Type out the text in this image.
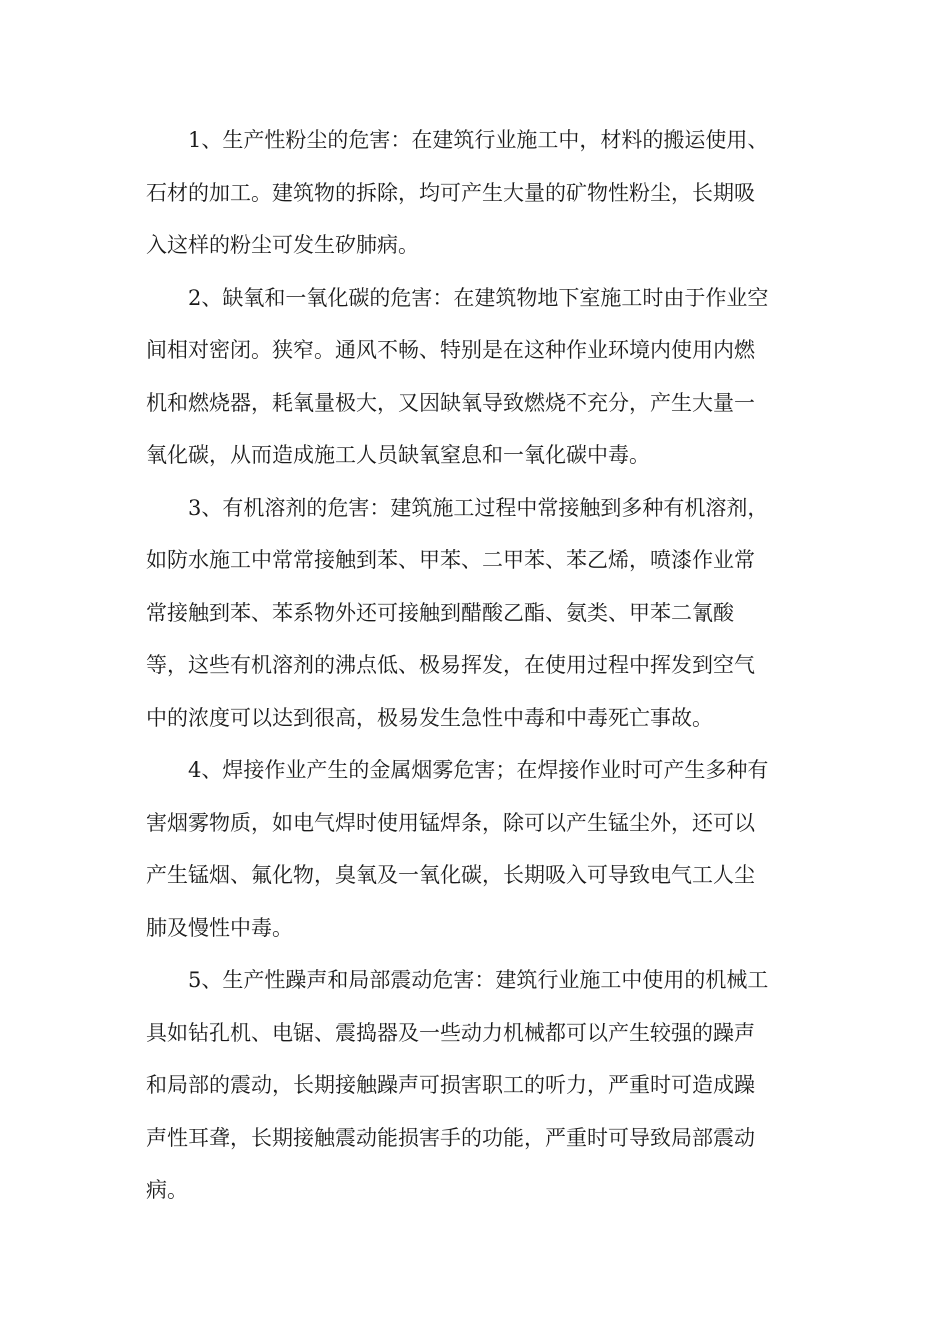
1、生产性粉尘的危害：在建筑行业施工中，材料的搬运使用、
石材的加工。建筑物的拆除，均可产生大量的矿物性粉尘，长期吸
入这样的粉尘可发生矽肺病。

2、缺氧和一氧化碳的危害：在建筑物地下室施工时由于作业空
间相对密闭。狭窄。通风不畅、特别是在这种作业环境内使用内燃
机和燃烧器，耗氧量极大，又因缺氧导致燃烧不充分，产生大量一
氧化碳，从而造成施工人员缺氧窒息和一氧化碳中毒。

3、有机溶剂的危害：建筑施工过程中常接触到多种有机溶剂，
如防水施工中常常接触到苯、甲苯、二甲苯、苯乙烯，喷漆作业常
常接触到苯、苯系物外还可接触到醋酸乙酯、氨类、甲苯二氰酸
等，这些有机溶剂的沸点低、极易挥发，在使用过程中挥发到空气
中的浓度可以达到很高，极易发生急性中毒和中毒死亡事故。

4、焊接作业产生的金属烟雾危害；在焊接作业时可产生多种有
害烟雾物质，如电气焊时使用锰焊条，除可以产生锰尘外，还可以
产生锰烟、氟化物，臭氧及一氧化碳，长期吸入可导致电气工人尘
肺及慢性中毒。

5、生产性躁声和局部震动危害：建筑行业施工中使用的机械工
具如钻孔机、电锯、震捣器及一些动力机械都可以产生较强的躁声
和局部的震动，长期接触躁声可损害职工的听力，严重时可造成躁
声性耳聋，长期接触震动能损害手的功能，严重时可导致局部震动
病。
